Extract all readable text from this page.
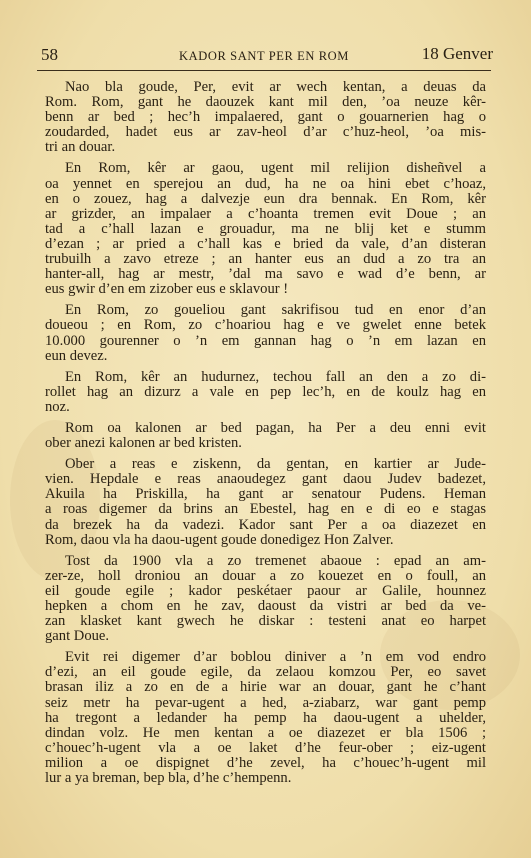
58	KADOR SANT PER EN ROM	18 Genver

Nao bla goude, Per, evit ar wech kentan, a deuas da
Rom. Rom, gant he daouzek kant mil den, ’oa neuze kêr-
benn ar bed ; hec’h impalaered, gant o gouarnerien hag o
zoudarded, hadet eus ar zav-heol d’ar c’huz-heol, ’oa mis-
tri an douar.

En Rom, kêr ar gaou, ugent mil relijion disheñvel a
oa yennet en sperejou an dud, ha ne oa hini ebet c’hoaz,
en o zouez, hag a dalvezje eun dra bennak. En Rom, kêr
ar grizder, an impalaer a c’hoanta tremen evit Doue ; an
tad a c’hall lazan e grouadur, ma ne blij ket e stumm
d’ezan ; ar pried a c’hall kas e bried da vale, d’an disteran
trubuilh a zavo etreze ; an hanter eus an dud a zo tra an
hanter-all, hag ar mestr, ’dal ma savo e wad d’e benn, ar
eus gwir d’en em zizober eus e sklavour !

En Rom, zo goueliou gant sakrifisou tud en enor d’an
doueou ; en Rom, zo c’hoariou hag e ve gwelet enne betek
10.000 gourenner o ’n em gannan hag o ’n em lazan en
eun devez.

En Rom, kêr an hudurnez, techou fall an den a zo di-
rollet hag an dizurz a vale en pep lec’h, en de koulz hag en
noz.

Rom oa kalonen ar bed pagan, ha Per a deu enni evit
ober anezi kalonen ar bed kristen.

Ober a reas e ziskenn, da gentan, en kartier ar Jude-
vien. Hepdale e reas anaoudegez gant daou Judev badezet,
Akuila ha Priskilla, ha gant ar senatour Pudens. Heman
a roas digemer da brins an Ebestel, hag en e di eo e stagas
da brezek ha da vadezi. Kador sant Per a oa diazezet en
Rom, daou vla ha daou-ugent goude donedigez Hon Zalver.

Tost da 1900 vla a zo tremenet abaoue : epad an am-
zer-ze, holl droniou an douar a zo kouezet en o foull, an
eil goude egile ; kador peskétaer paour ar Galile, hounnez
hepken a chom en he zav, daoust da vistri ar bed da ve-
zan klasket kant gwech he diskar : testeni anat eo harpet
gant Doue.

Evit rei digemer d’ar boblou diniver a ’n em vod endro
d’ezi, an eil goude egile, da zelaou komzou Per, eo savet
brasan iliz a zo en de a hirie war an douar, gant he c’hant
seiz metr ha pevar-ugent a hed, a-ziabarz, war gant pemp
ha tregont a ledander ha pemp ha daou-ugent a uhelder,
dindan volz. He men kentan a oe diazezet er bla 1506 ;
c’houec’h-ugent vla a oe laket d’he feur-ober ; eiz-ugent
milion a oe dispignet d’he zevel, ha c’houec’h-ugent mil
lur a ya breman, bep bla, d’he c’hempenn.
